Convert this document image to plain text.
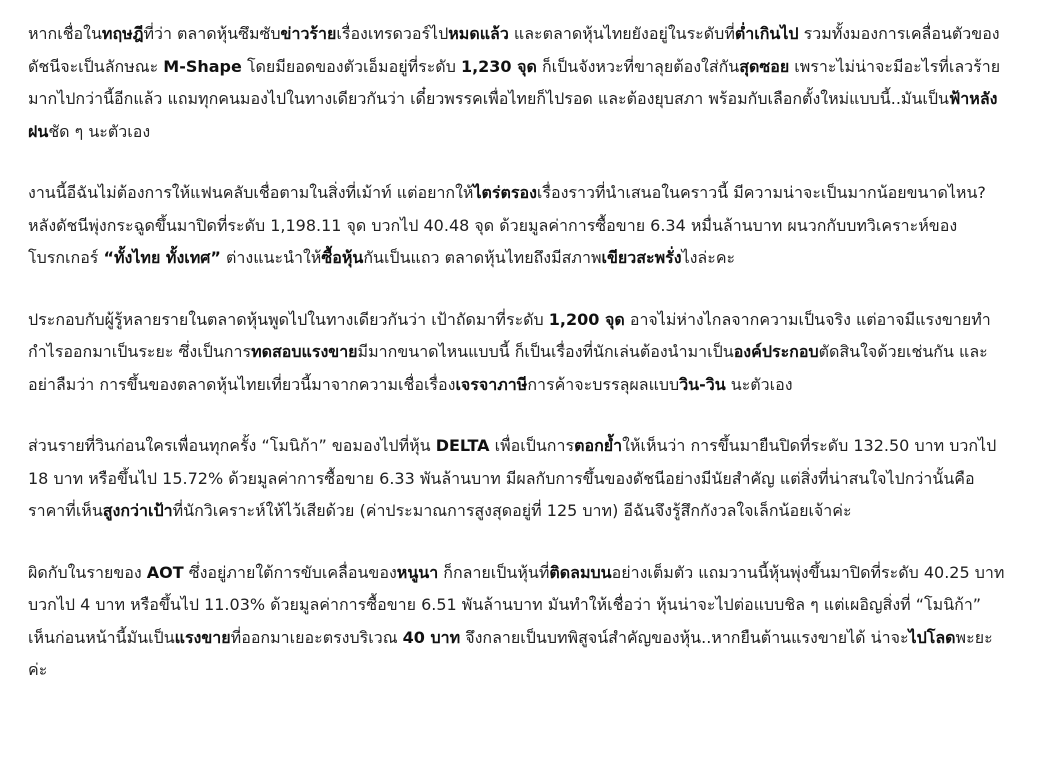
หากเชื่อในทฤษฎีที่ว่า ตลาดหุ้นซึมซับข่าวร้ายเรื่องเทรดวอร์ไปหมดแล้ว และตลาดหุ้นไทยยังอยู่ในระดับที่ต่ำเกินไป รวมทั้งมองการเคลื่อนตัวของดัชนีจะเป็นลักษณะ M-Shape โดยมียอดของตัวเอ็มอยู่ที่ระดับ 1,230 จุด ก็เป็นจังหวะที่ขาลุยต้องใส่กันสุดซอย เพราะไม่น่าจะมีอะไรที่เลวร้ายมากไปกว่านี้อีกแล้ว แถมทุกคนมองไปในทางเดียวกันว่า เดี๋ยวพรรคเพื่อไทยก็ไปรอด และต้องยุบสภา พร้อมกับเลือกตั้งใหม่แบบนี้..มันเป็นฟ้าหลังฝนชัด ๆ นะตัวเอง

งานนี้อีฉันไม่ต้องการให้แฟนคลับเชื่อตามในสิ่งที่เม้าท์ แต่อยากให้ไตร่ตรองเรื่องราวที่นำเสนอในคราวนี้ มีความน่าจะเป็นมากน้อยขนาดไหน? หลังดัชนีพุ่งกระฉูดขึ้นมาปิดที่ระดับ 1,198.11 จุด บวกไป 40.48 จุด ด้วยมูลค่าการซื้อขาย 6.34 หมื่นล้านบาท ผนวกกับบทวิเคราะห์ของโบรกเกอร์ “ทั้งไทย ทั้งเทศ” ต่างแนะนำให้ซื้อหุ้นกันเป็นแถว ตลาดหุ้นไทยถึงมีสภาพเขียวสะพรั่งไงล่ะคะ

ประกอบกับผู้รู้หลายรายในตลาดหุ้นพูดไปในทางเดียวกันว่า เป้าถัดมาที่ระดับ 1,200 จุด อาจไม่ห่างไกลจากความเป็นจริง แต่อาจมีแรงขายทำกำไรออกมาเป็นระยะ ซึ่งเป็นการทดสอบแรงขายมีมากขนาดไหนแบบนี้ ก็เป็นเรื่องที่นักเล่นต้องนำมาเป็นองค์ประกอบตัดสินใจด้วยเช่นกัน และอย่าลืมว่า การขึ้นของตลาดหุ้นไทยเที่ยวนี้มาจากความเชื่อเรื่องเจรจาภาษีการค้าจะบรรลุผลแบบวิน-วิน นะตัวเอง

ส่วนรายที่วินก่อนใครเพื่อนทุกครั้ง “โมนิก้า” ขอมองไปที่หุ้น DELTA เพื่อเป็นการตอกย้ำให้เห็นว่า การขึ้นมายืนปิดที่ระดับ 132.50 บาท บวกไป 18 บาท หรือขึ้นไป 15.72% ด้วยมูลค่าการซื้อขาย 6.33 พันล้านบาท มีผลกับการขึ้นของดัชนีอย่างมีนัยสำคัญ แต่สิ่งที่น่าสนใจไปกว่านั้นคือ ราคาที่เห็นสูงกว่าเป้าที่นักวิเคราะห์ให้ไว้เสียด้วย (ค่าประมาณการสูงสุดอยู่ที่ 125 บาท) อีฉันจึงรู้สึกกังวลใจเล็กน้อยเจ้าค่ะ

ผิดกับในรายของ AOT ซึ่งอยู่ภายใต้การขับเคลื่อนของหนูนา ก็กลายเป็นหุ้นที่ติดลมบนอย่างเต็มตัว แถมวานนี้หุ้นพุ่งขึ้นมาปิดที่ระดับ 40.25 บาท บวกไป 4 บาท หรือขึ้นไป 11.03% ด้วยมูลค่าการซื้อขาย 6.51 พันล้านบาท มันทำให้เชื่อว่า หุ้นน่าจะไปต่อแบบชิล ๆ แต่เผอิญสิ่งที่ “โมนิก้า” เห็นก่อนหน้านี้มันเป็นแรงขายที่ออกมาเยอะตรงบริเวณ 40 บาท จึงกลายเป็นบทพิสูจน์สำคัญของหุ้น..หากยืนต้านแรงขายได้ น่าจะไปโลดพะยะค่ะ
